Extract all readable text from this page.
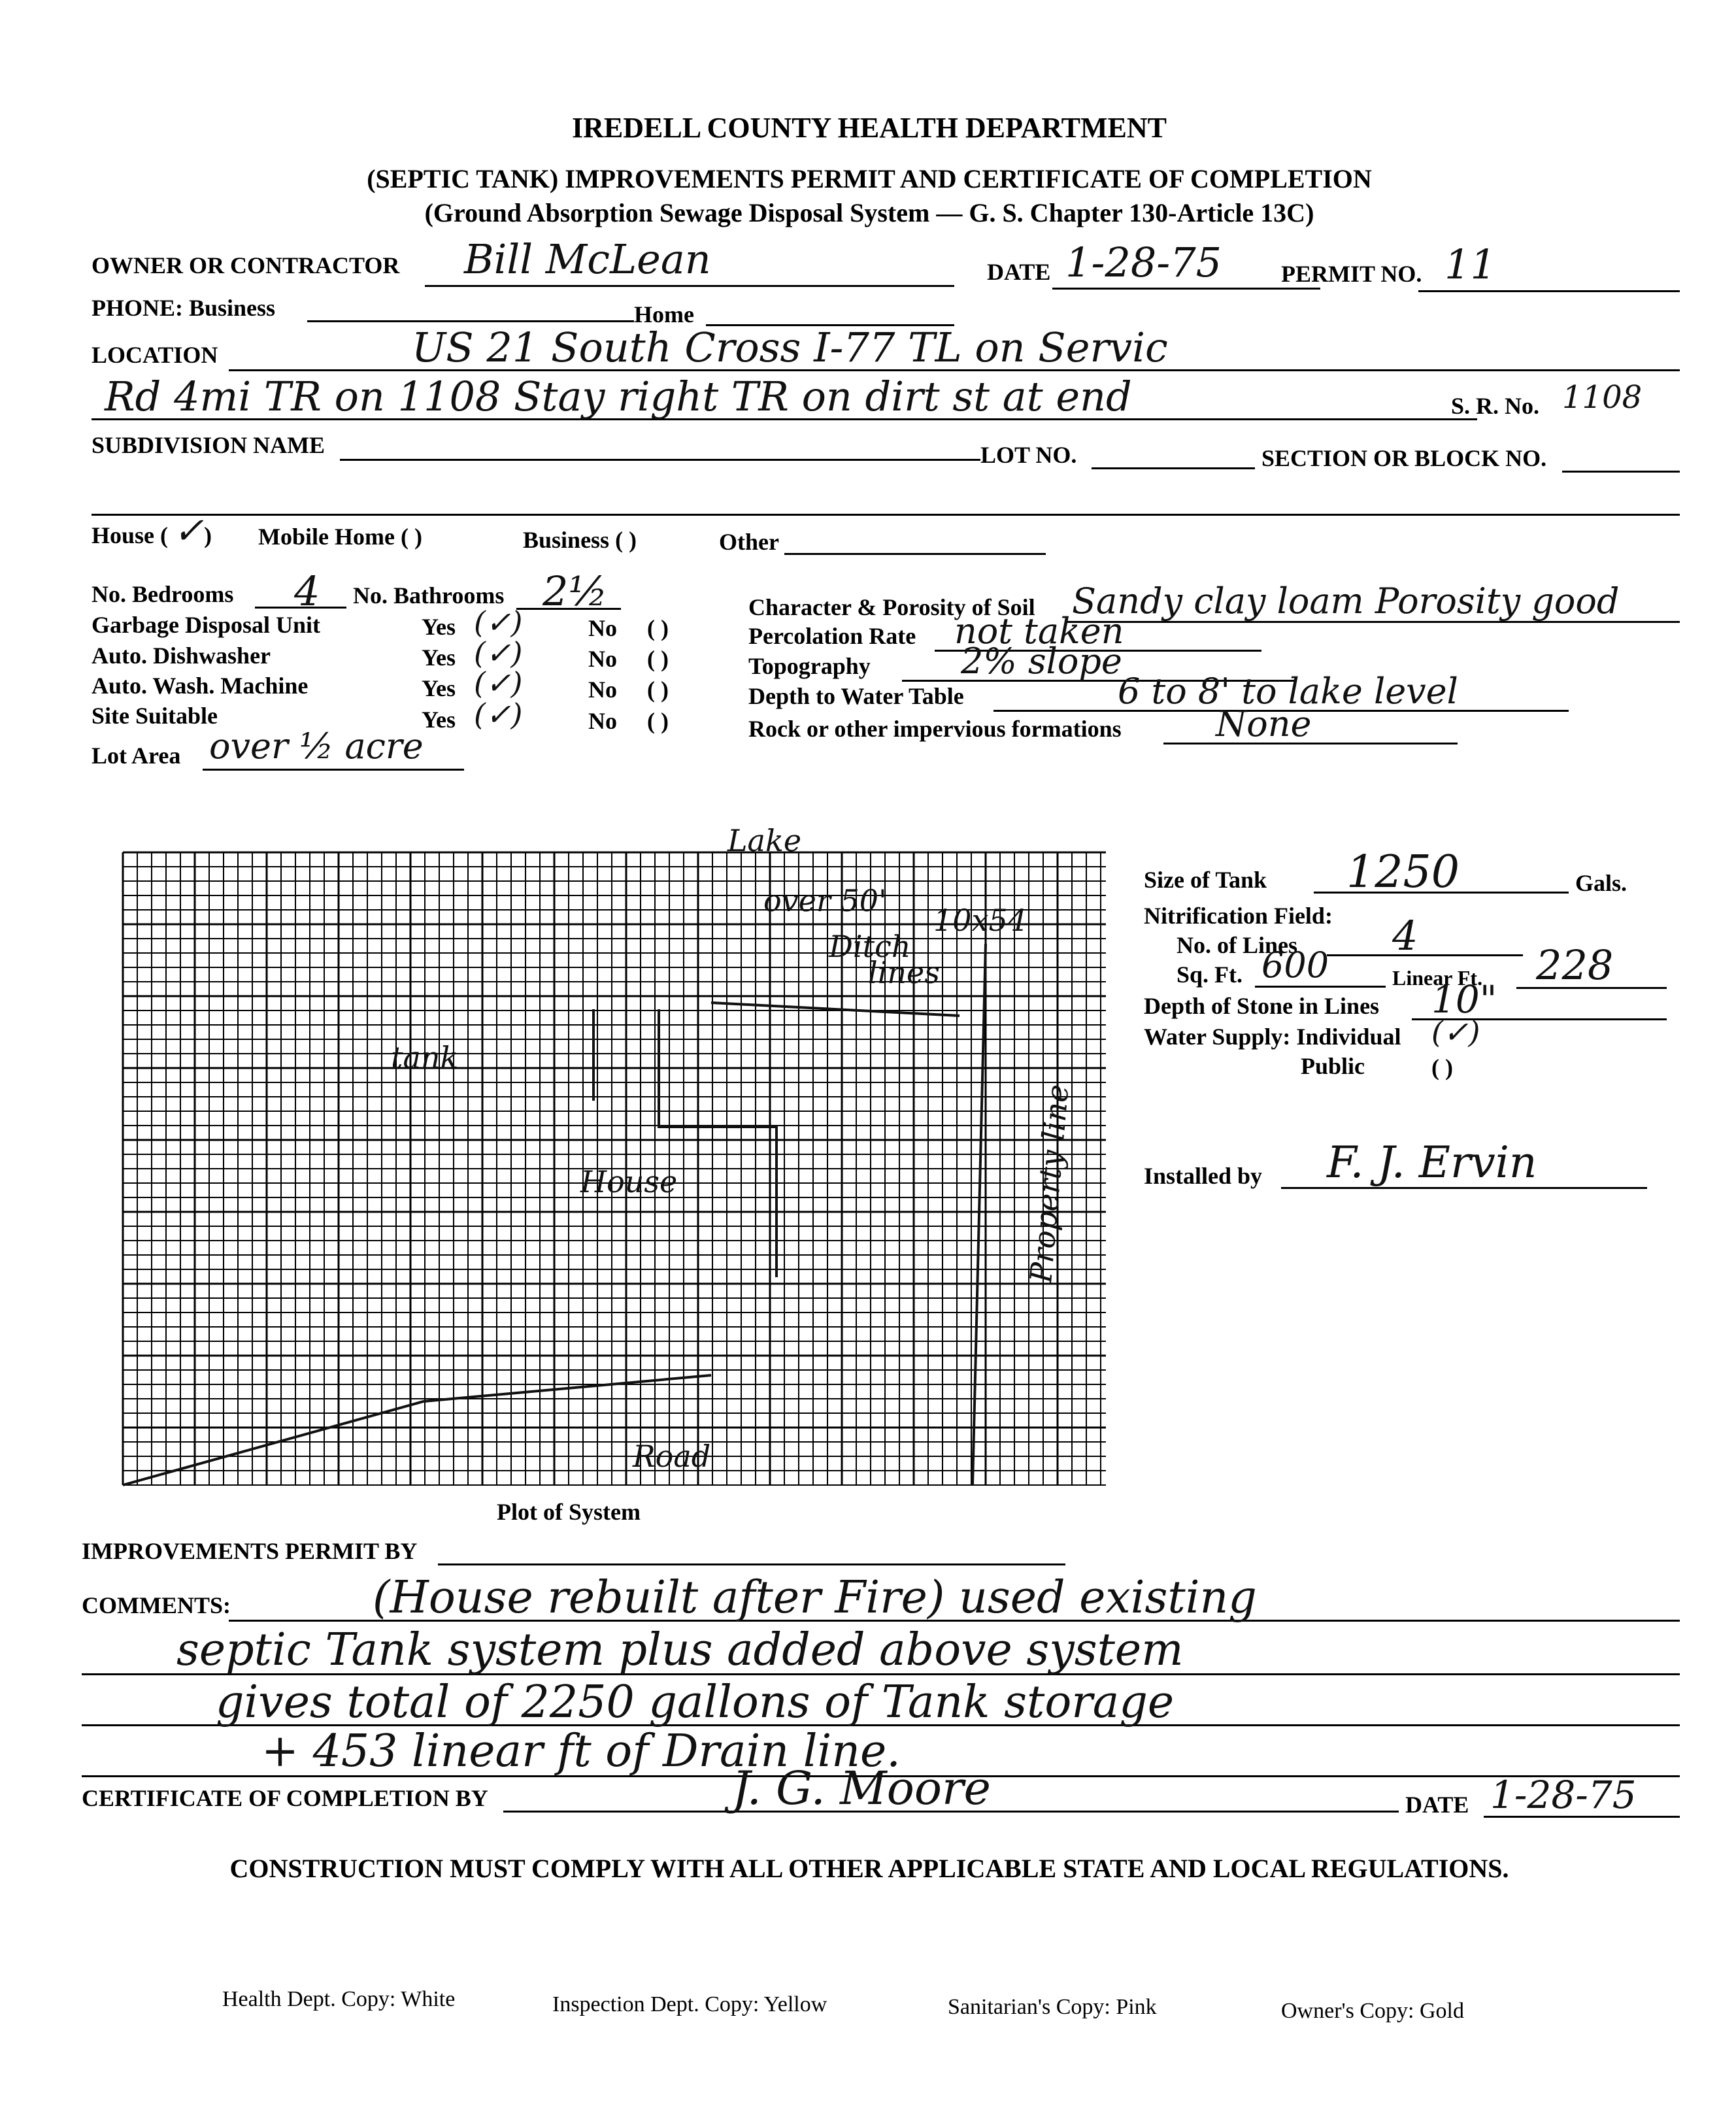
IREDELL COUNTY HEALTH DEPARTMENT
(SEPTIC TANK) IMPROVEMENTS PERMIT AND CERTIFICATE OF COMPLETION
(Ground Absorption Sewage Disposal System — G. S. Chapter 130-Article 13C)
OWNER OR CONTRACTOR Bill McLean	DATE 1-28-75	PERMIT NO. 11
PHONE: Business	Home
LOCATION	US 21 South Cross I-77 TL on Servic
Rd 4mi TR on 1108 Stay right TR on dirt st at end	S. R. No. 1108
SUBDIVISION NAME	LOT NO.	SECTION OR BLOCK NO.
House ( ✓ ) Mobile Home ( )	Business ( )	Other
No. Bedrooms 4 No. Bathrooms 2½
Garbage Disposal Unit	Yes (✓)	No ( )
Auto. Dishwasher	Yes (✓)	No ( )
Auto. Wash. Machine	Yes (✓)	No ( )
Site Suitable	Yes (✓)	No ( )
Lot Area over ½ acre
Character & Porosity of Soil Sandy clay loam Porosity good
Percolation Rate not taken
Topography	2% slope
Depth to Water Table	6 to 8' to lake level
Rock or other impervious formations	None
Lake
over 50'
Ditch
lines
10x54
House
Road
tank
Property line
Plot of System
Size of Tank 1250	Gals.
Nitrification Field:
No. of Lines 4
Sq. Ft. 600	Linear Ft. 228
Depth of Stone in Lines 10"
Water Supply: Individual (✓)
Public	( )
Installed by F. J. Ervin
IMPROVEMENTS PERMIT BY
COMMENTS:	(House rebuilt after Fire) used existing
septic Tank system plus added above system
gives total of 2250 gallons of Tank storage
+ 453 linear ft of Drain line.
CERTIFICATE OF COMPLETION BY	J. G. Moore	DATE 1-28-75
CONSTRUCTION MUST COMPLY WITH ALL OTHER APPLICABLE STATE AND LOCAL REGULATIONS.
Health Dept. Copy: White	Inspection Dept. Copy: Yellow	Sanitarian's Copy: Pink	Owner's Copy: Gold
